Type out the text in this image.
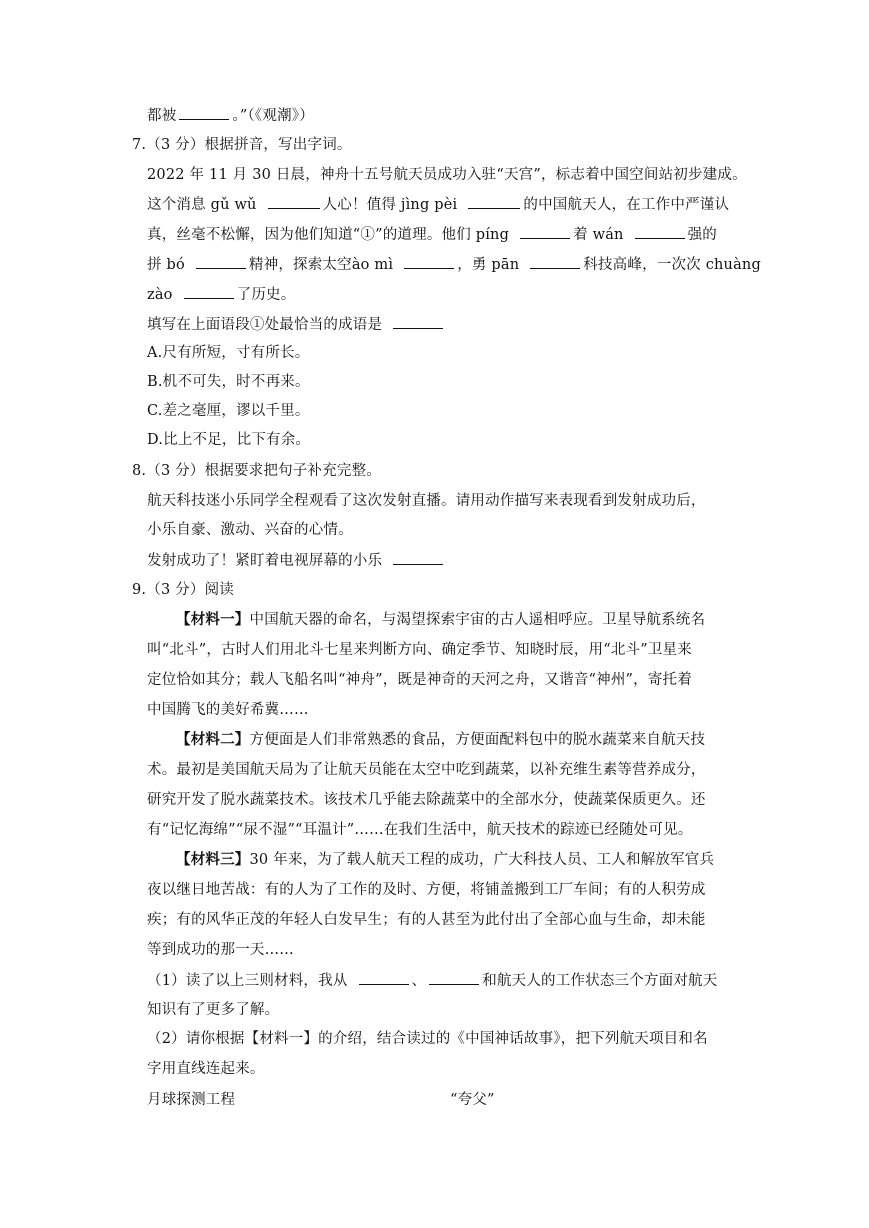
都被	。”（《观潮》）
7.（3 分）根据拼音，写出字词。
2022 年 11 月 30 日晨，神舟十五号航天员成功入驻“天宫”，标志着中国空间站初步建成。
这个消息 gǔ wǔ	人心！值得 jìng pèi	的中国航天人，在工作中严谨认
真，丝毫不松懈，因为他们知道“①”的道理。他们 píng	着 wán	强的
拼 bó	精神，探索太空ào mì	，勇 pān	科技高峰，一次次 chuàng
zào	了历史。
填写在上面语段①处最恰当的成语是
A.尺有所短，寸有所长。
B.机不可失，时不再来。
C.差之毫厘，谬以千里。
D.比上不足，比下有余。
8.（3 分）根据要求把句子补充完整。
航天科技迷小乐同学全程观看了这次发射直播。请用动作描写来表现看到发射成功后，
小乐自豪、激动、兴奋的心情。
发射成功了！紧盯着电视屏幕的小乐
9.（3 分）阅读
【材料一】中国航天器的命名，与渴望探索宇宙的古人遥相呼应。卫星导航系统名
叫“北斗”，古时人们用北斗七星来判断方向、确定季节、知晓时辰，用“北斗”卫星来
定位恰如其分；载人飞船名叫“神舟”，既是神奇的天河之舟，又谐音“神州”，寄托着
中国腾飞的美好希冀……
【材料二】方便面是人们非常熟悉的食品，方便面配料包中的脱水蔬菜来自航天技
术。最初是美国航天局为了让航天员能在太空中吃到蔬菜，以补充维生素等营养成分，
研究开发了脱水蔬菜技术。该技术几乎能去除蔬菜中的全部水分，使蔬菜保质更久。还
有“记忆海绵”“尿不湿”“耳温计”……在我们生活中，航天技术的踪迹已经随处可见。
【材料三】30 年来，为了载人航天工程的成功，广大科技人员、工人和解放军官兵
夜以继日地苦战：有的人为了工作的及时、方便，将铺盖搬到工厂车间；有的人积劳成
疾；有的风华正茂的年轻人白发早生；有的人甚至为此付出了全部心血与生命，却未能
等到成功的那一天……
（1）读了以上三则材料，我从	、	和航天人的工作状态三个方面对航天
知识有了更多了解。
（2）请你根据【材料一】的介绍，结合读过的《中国神话故事》，把下列航天项目和名
字用直线连起来。
月球探测工程	“夸父”
